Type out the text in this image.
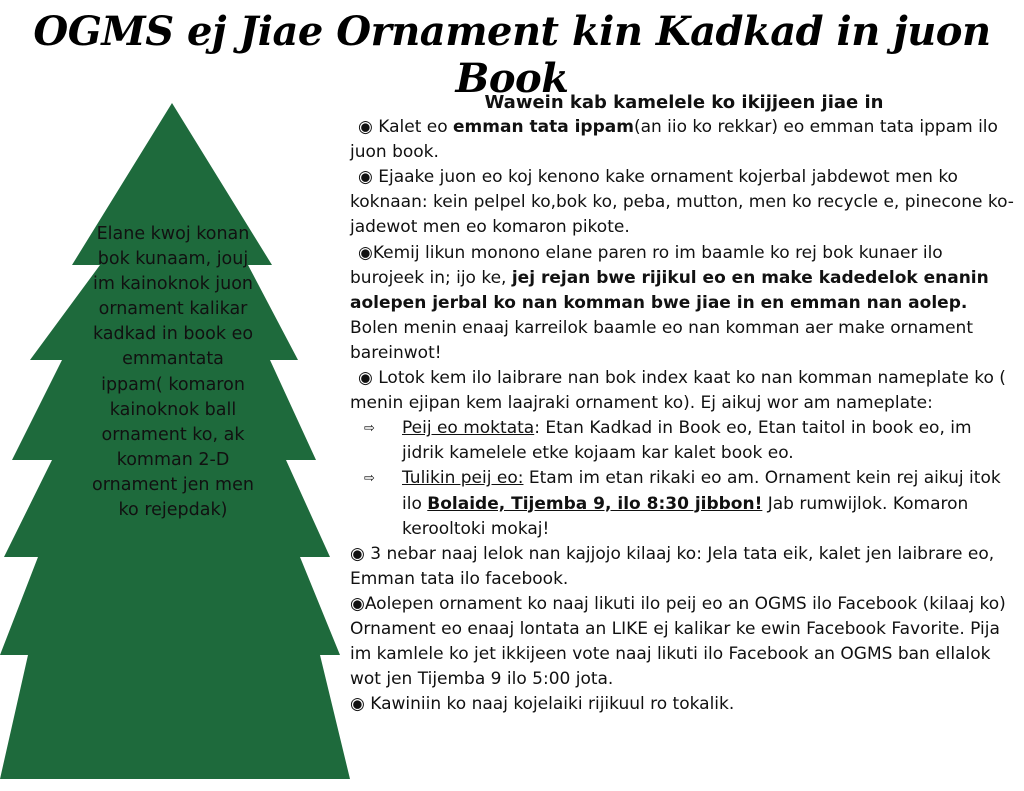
OGMS ej Jiae Ornament kin Kadkad in juon Book
Elane kwoj konan bok kunaam, jouj im kainoknok juon ornament kalikar kadkad in book eo emmantata ippam( komaron kainoknok ball ornament ko, ak komman 2-D ornament jen men ko rejepdak)

Wawein kab kamelele ko ikijjeen jiae in

◉ Kalet eo emman tata ippam(an iio ko rekkar) eo emman tata ippam ilo juon book.

◉ Ejaake juon eo koj kenono kake ornament kojerbal jabdewot men ko koknaan: kein pelpel ko,bok ko, peba, mutton, men ko recycle e, pinecone ko- jadewot men eo komaron pikote.

◉Kemij likun monono elane paren ro im baamle ko rej bok kunaer ilo burojeek in; ijo ke, jej rejan bwe rijikul eo en make kadedelok enanin aolepen jerbal ko nan komman bwe jiae in en emman nan aolep. Bolen menin enaaj karreilok baamle eo nan komman aer make ornament bareinwot!

◉ Lotok kem ilo laibrare nan bok index kaat ko nan komman nameplate ko ( menin ejipan kem laajraki ornament ko). Ej aikuj wor am nameplate:

⇨ Peij eo moktata: Etan Kadkad in Book eo, Etan taitol in book eo, im jidrik kamelele etke kojaam kar kalet book eo.

⇨ Tulikin peij eo: Etam im etan rikaki eo am. Ornament kein rej aikuj itok ilo Bolaide, Tijemba 9, ilo 8:30 jibbon! Jab rumwijlok. Komaron kerooltoki mokaj!

◉ 3 nebar naaj lelok nan kajjojo kilaaj ko: Jela tata eik, kalet jen laibrare eo, Emman tata ilo facebook.

◉Aolepen ornament ko naaj likuti ilo peij eo an OGMS ilo Facebook (kilaaj ko) Ornament eo enaaj lontata an LIKE ej kalikar ke ewin Facebook Favorite. Pija im kamlele ko jet ikkijeen vote naaj likuti ilo Facebook an OGMS ban ellalok wot jen Tijemba 9 ilo 5:00 jota.

◉ Kawiniin ko naaj kojelaiki rijikuul ro tokalik.
